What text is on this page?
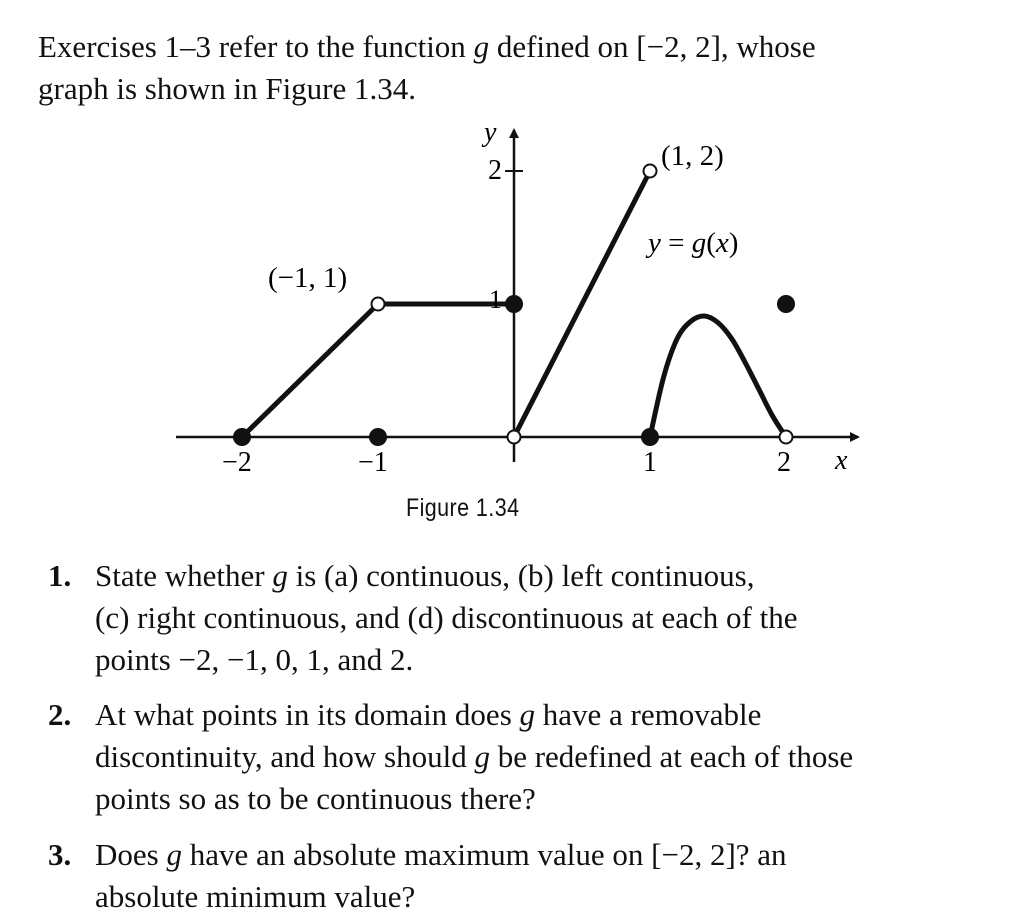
Exercises 1–3 refer to the function g defined on [−2, 2], whose
graph is shown in Figure 1.34.

y
x
−2	−1	1	2
2
1
(−1, 1)
(1, 2)
y = g(x)
Figure 1.34
1. State whether g is (a) continuous, (b) left continuous,
(c) right continuous, and (d) discontinuous at each of the
points −2, −1, 0, 1, and 2.
2. At what points in its domain does g have a removable
discontinuity, and how should g be redefined at each of those
points so as to be continuous there?
3. Does g have an absolute maximum value on [−2, 2]? an
absolute minimum value?
